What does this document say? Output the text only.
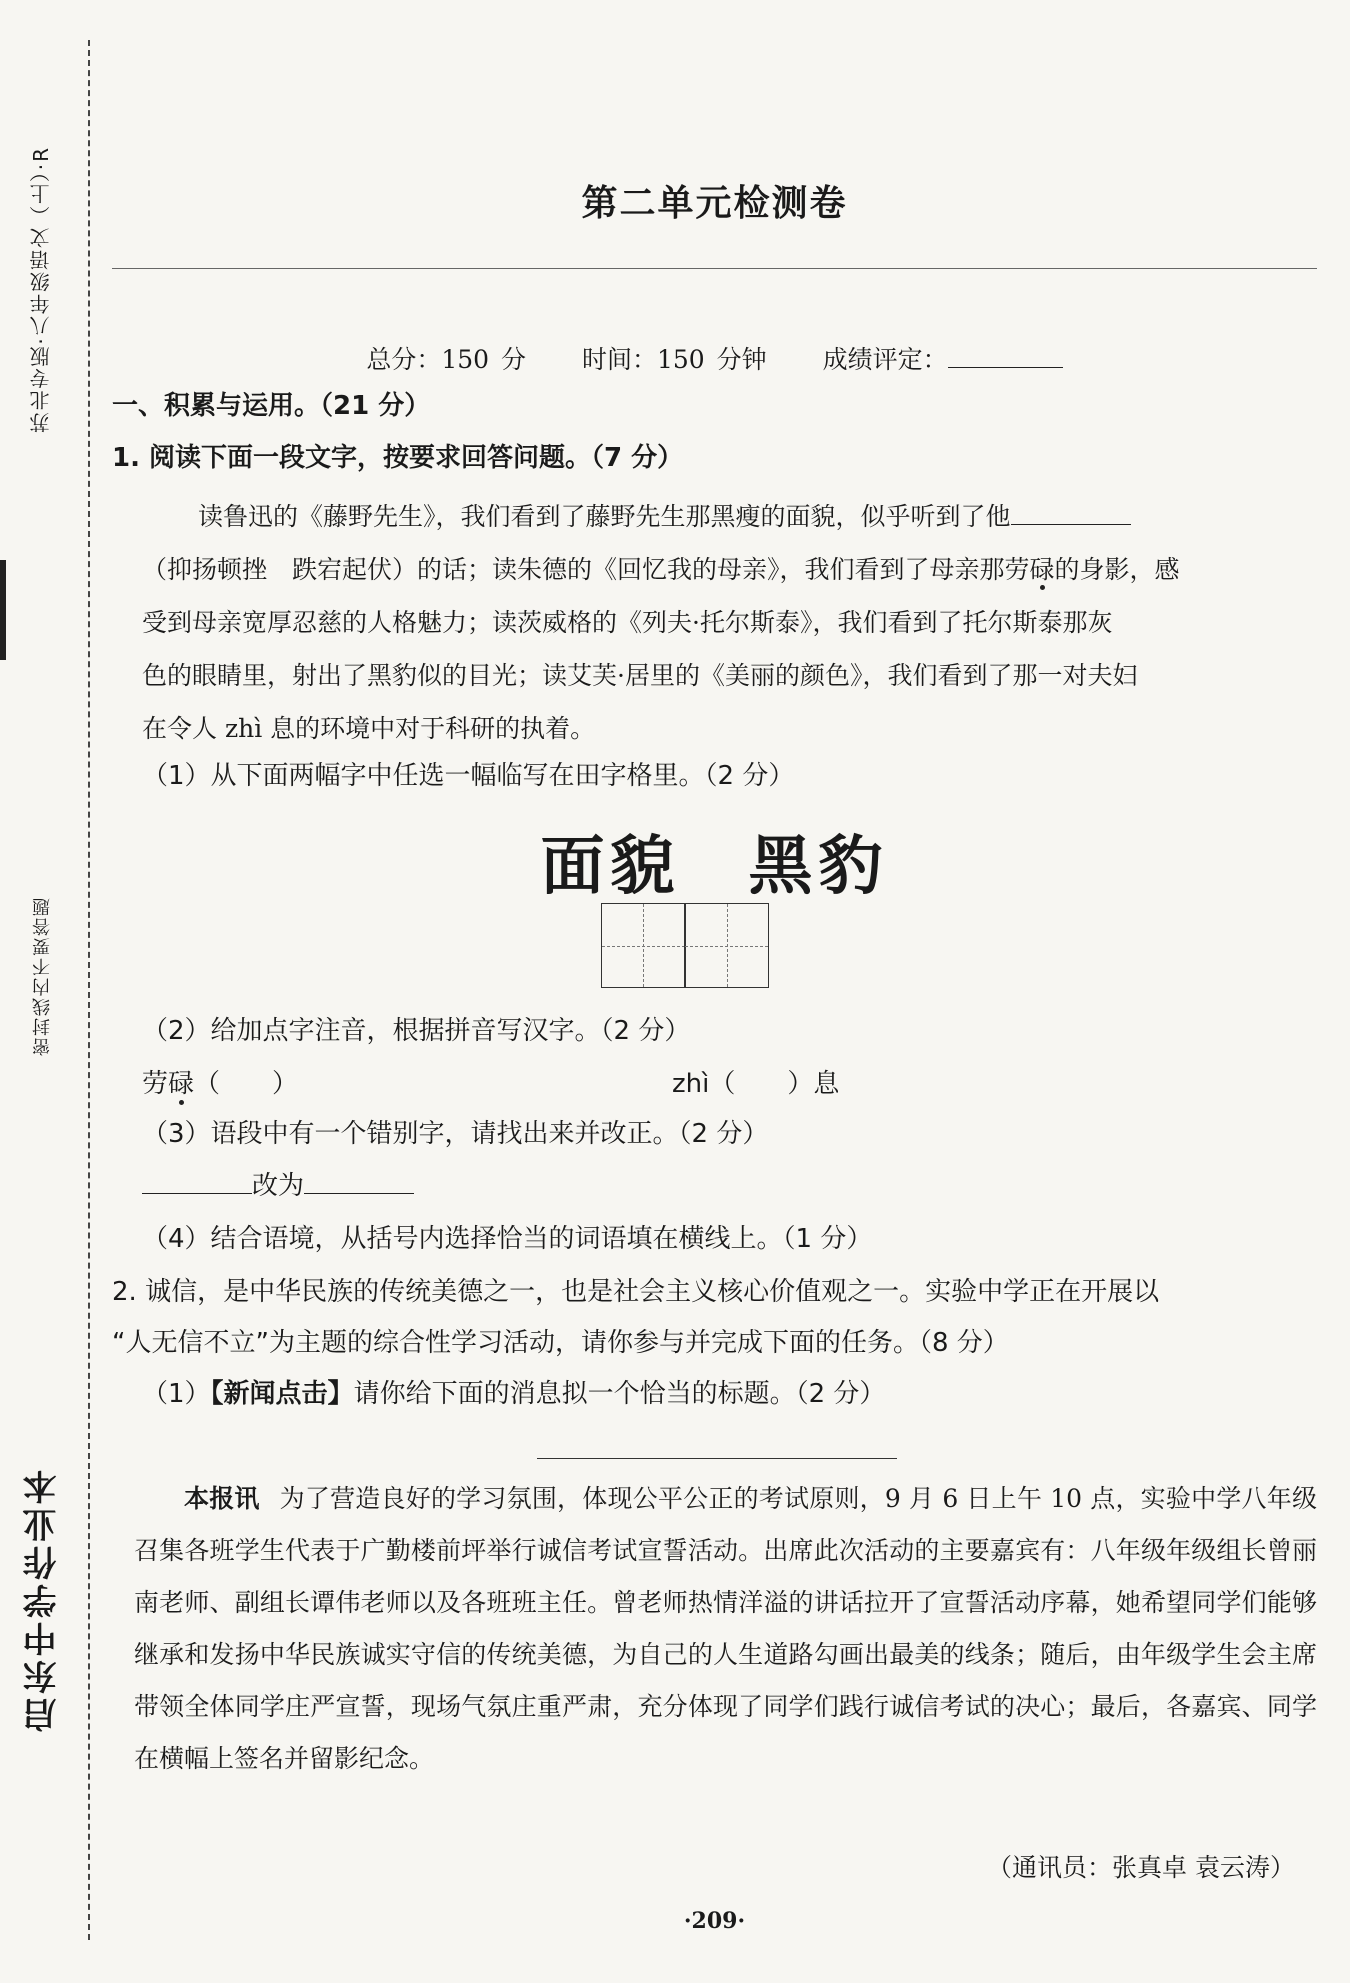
苏北专版·八年级语文（上）·R
密封线内不要答题
启东中学作业本
第二单元检测卷
总分：150 分 时间：150 分钟 成绩评定：
一、积累与运用。（21 分）
1. 阅读下面一段文字，按要求回答问题。（7 分）

读鲁迅的《藤野先生》，我们看到了藤野先生那黑瘦的面貌，似乎听到了他

（抑扬顿挫　跌宕起伏）的话；读朱德的《回忆我的母亲》，我们看到了母亲那劳碌的身影，感

受到母亲宽厚忍慈的人格魅力；读茨威格的《列夫·托尔斯泰》，我们看到了托尔斯泰那灰

色的眼睛里，射出了黑豹似的目光；读艾芙·居里的《美丽的颜色》，我们看到了那一对夫妇

在令人 zhì 息的环境中对于科研的执着。

（1）从下面两幅字中任选一幅临写在田字格里。（2 分）
面貌 黑豹
（2）给加点字注音，根据拼音写汉字。（2 分）
劳碌（　　）	zhì（　　）息
（3）语段中有一个错别字，请找出来并改正。（2 分）
改为
（4）结合语境，从括号内选择恰当的词语填在横线上。（1 分）
2. 诚信，是中华民族的传统美德之一，也是社会主义核心价值观之一。实验中学正在开展以
“人无信不立”为主题的综合性学习活动，请你参与并完成下面的任务。（8 分）
（1）【新闻点击】请你给下面的消息拟一个恰当的标题。（2 分）

本报讯 为了营造良好的学习氛围，体现公平公正的考试原则，9 月 6 日上午 10 点，实验中学八年级召集各班学生代表于广勤楼前坪举行诚信考试宣誓活动。出席此次活动的主要嘉宾有：八年级年级组长曾丽南老师、副组长谭伟老师以及各班班主任。曾老师热情洋溢的讲话拉开了宣誓活动序幕，她希望同学们能够继承和发扬中华民族诚实守信的传统美德，为自己的人生道路勾画出最美的线条；随后，由年级学生会主席带领全体同学庄严宣誓，现场气氛庄重严肃，充分体现了同学们践行诚信考试的决心；最后，各嘉宾、同学在横幅上签名并留影纪念。

（通讯员：张真卓 袁云涛）
·209·
